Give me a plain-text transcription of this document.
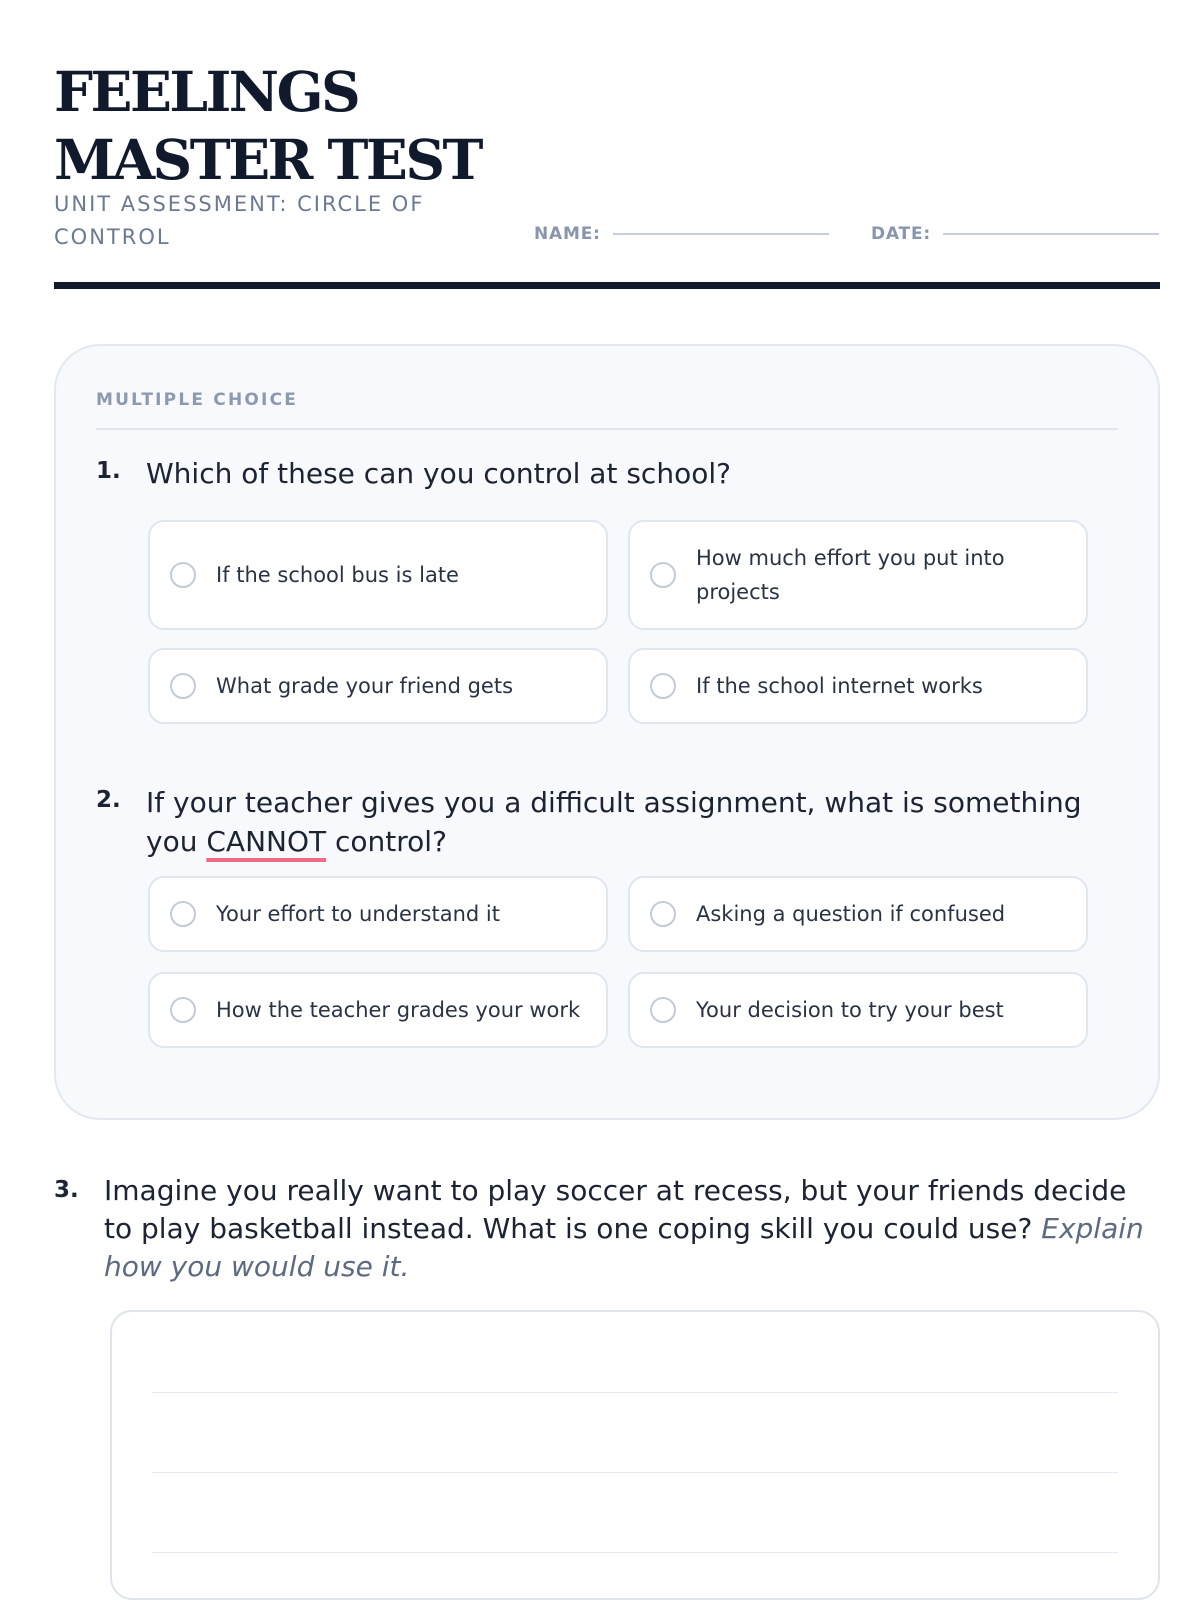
FEELINGS
MASTER TEST
UNIT ASSESSMENT: CIRCLE OF CONTROL	NAME:	DATE:
MULTIPLE CHOICE
1. Which of these can you control at school?
If the school bus is late
How much effort you put into projects
What grade your friend gets	If the school internet works
2. If your teacher gives you a difficult assignment, what is something you CANNOT control?
Your effort to understand it	Asking a question if confused
How the teacher grades your work	Your decision to try your best
3. Imagine you really want to play soccer at recess, but your friends decide to play basketball instead. What is one coping skill you could use? Explain how you would use it.
